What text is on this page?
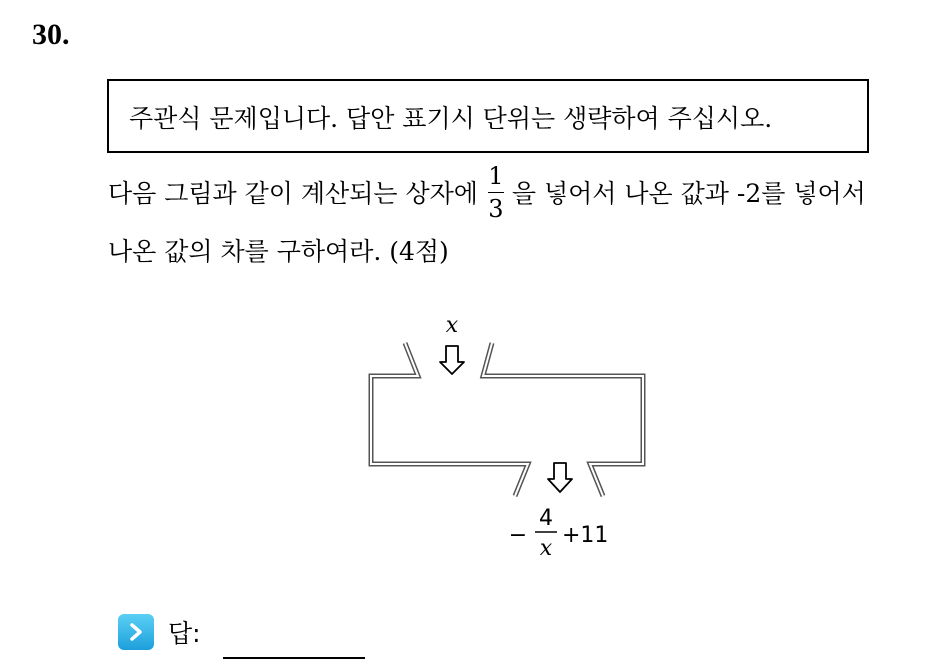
30.
주관식 문제입니다. 답안 표기시 단위는 생략하여 주십시오.
다음 그림과 같이 계산되는 상자에 $\frac{1}{3}$ 을 넣어서 나온 값과 -2를 넣어서
나온 값의 차를 구하여라. (4점)
x
−
4
x
+11
답:
